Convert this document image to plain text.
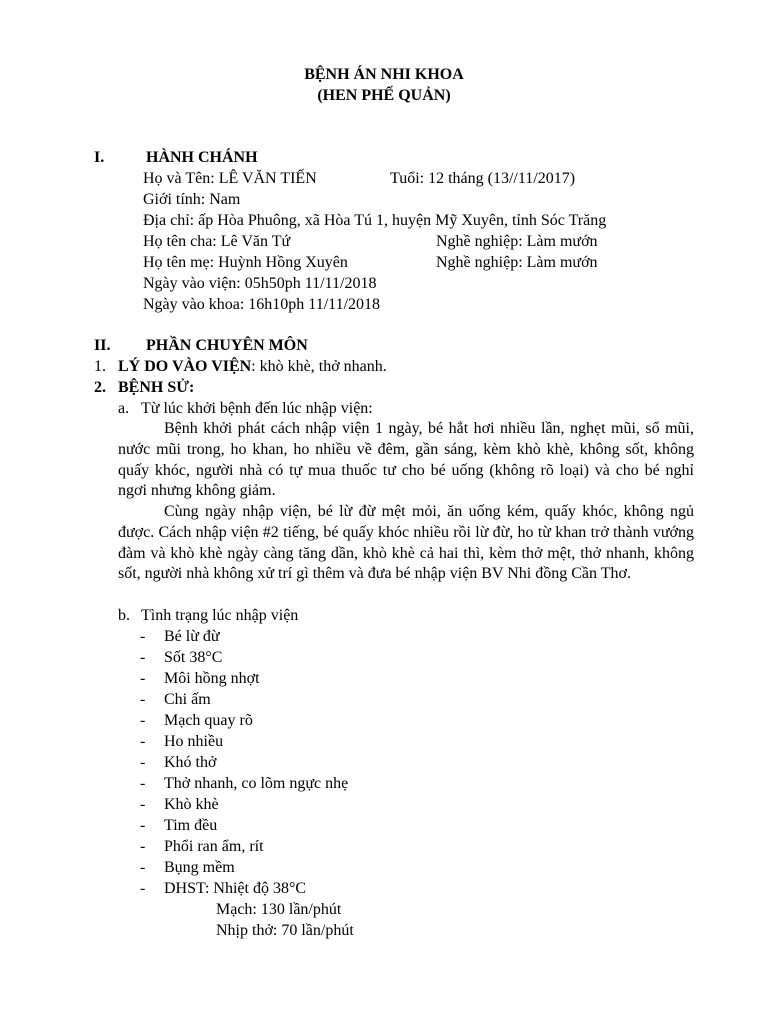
BỆNH ÁN NHI KHOA
(HEN PHẾ QUẢN)
I.	HÀNH CHÁNH
Họ và Tên: LÊ VĂN TIẾN	Tuổi: 12 tháng (13//11/2017)
Giới tính: Nam
Địa chỉ: ấp Hòa Phuông, xã Hòa Tú 1, huyện Mỹ Xuyên, tỉnh Sóc Trăng
Họ tên cha: Lê Văn Tứ	Nghề nghiệp: Làm mướn
Họ tên mẹ: Huỳnh Hồng Xuyên	Nghề nghiệp: Làm mướn
Ngày vào viện: 05h50ph 11/11/2018
Ngày vào khoa: 16h10ph 11/11/2018
II. PHẦN CHUYÊN MÔN
1. LÝ DO VÀO VIỆN: khò khè, thở nhanh.
2. BỆNH SỬ:
a. Từ lúc khởi bệnh đến lúc nhập viện:
Bệnh khởi phát cách nhập viện 1 ngày, bé hắt hơi nhiều lần, nghẹt mũi, sổ mũi, nước mũi trong, ho khan, ho nhiều về đêm, gần sáng, kèm khò khè, không sốt, không quấy khóc, người nhà có tự mua thuốc tư cho bé uống (không rõ loại) và cho bé nghỉ ngơi nhưng không giảm.
Cùng ngày nhập viện, bé lừ đừ mệt mỏi, ăn uống kém, quấy khóc, không ngủ được. Cách nhập viện #2 tiếng, bé quấy khóc nhiều rồi lừ đừ, ho từ khan trở thành vướng đàm và khò khè ngày càng tăng dần, khò khè cả hai thì, kèm thở mệt, thở nhanh, không sốt, người nhà không xử trí gì thêm và đưa bé nhập viện BV Nhi đồng Cần Thơ.
b. Tình trạng lúc nhập viện
- Bé lừ đừ
- Sốt 38°C
- Môi hồng nhợt
- Chi ấm
- Mạch quay rõ
- Ho nhiều
- Khó thở
- Thở nhanh, co lõm ngực nhẹ
- Khò khè
- Tim đều
- Phổi ran ẩm, rít
- Bụng mềm
- DHST: Nhiệt độ 38°C
Mạch: 130 lần/phút
Nhịp thở: 70 lần/phút
